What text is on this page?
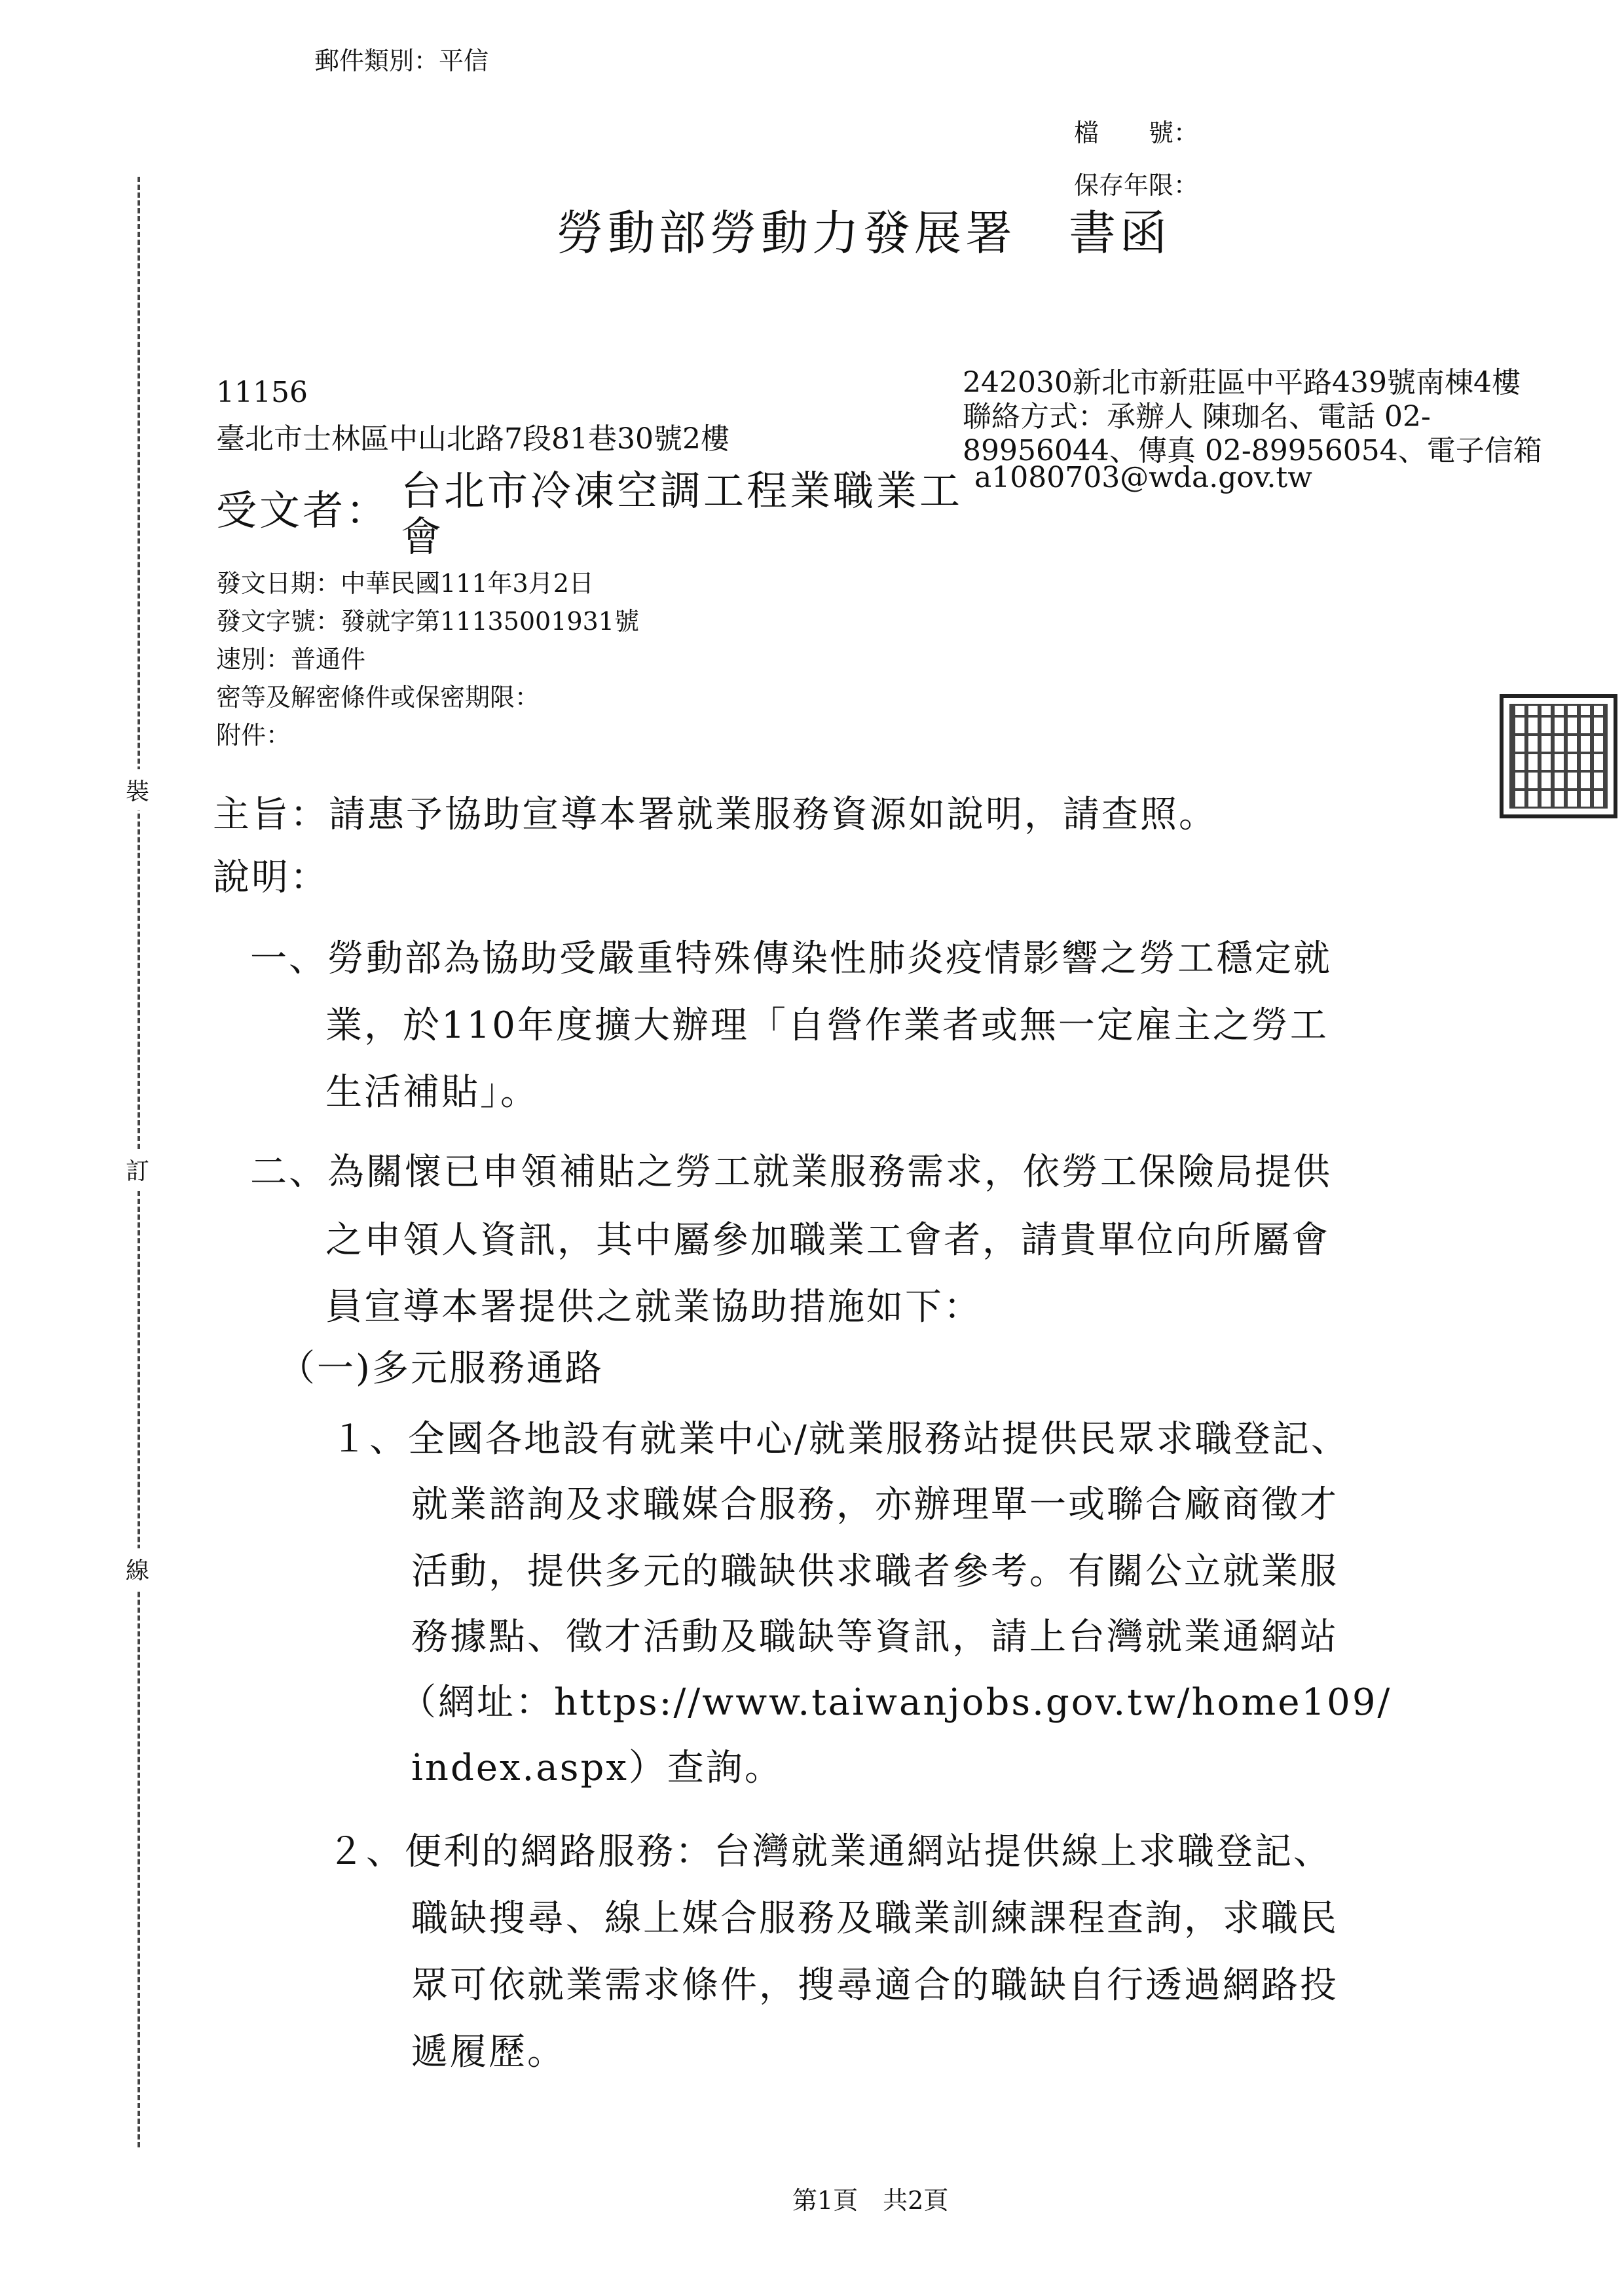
郵件類別：平信
檔　　號：
保存年限：
勞動部勞動力發展署 書函
242030新北市新莊區中平路439號南棟4樓
聯絡方式：承辦人 陳珈名、電話 02-
89956044、傳真 02-89956054、電子信箱
a1080703@wda.gov.tw
11156
臺北市士林區中山北路7段81巷30號2樓
受文者： 台北市冷凍空調工程業職業工
會
發文日期：中華民國111年3月2日
發文字號：發就字第11135001931號
速別：普通件
密等及解密條件或保密期限：
附件：
裝
訂
線
主旨：請惠予協助宣導本署就業服務資源如說明，請查照。
說明：
一、勞動部為協助受嚴重特殊傳染性肺炎疫情影響之勞工穩定就
業，於110年度擴大辦理「自營作業者或無一定雇主之勞工
生活補貼」。
二、為關懷已申領補貼之勞工就業服務需求，依勞工保險局提供
之申領人資訊，其中屬參加職業工會者，請貴單位向所屬會
員宣導本署提供之就業協助措施如下：
（一)多元服務通路
１、全國各地設有就業中心/就業服務站提供民眾求職登記、
就業諮詢及求職媒合服務，亦辦理單一或聯合廠商徵才
活動，提供多元的職缺供求職者參考。有關公立就業服
務據點、徵才活動及職缺等資訊，請上台灣就業通網站
（網址：https://www.taiwanjobs.gov.tw/home109/
index.aspx）查詢。
２、便利的網路服務：台灣就業通網站提供線上求職登記、
職缺搜尋、線上媒合服務及職業訓練課程查詢，求職民
眾可依就業需求條件，搜尋適合的職缺自行透過網路投
遞履歷。
第1頁　共2頁
